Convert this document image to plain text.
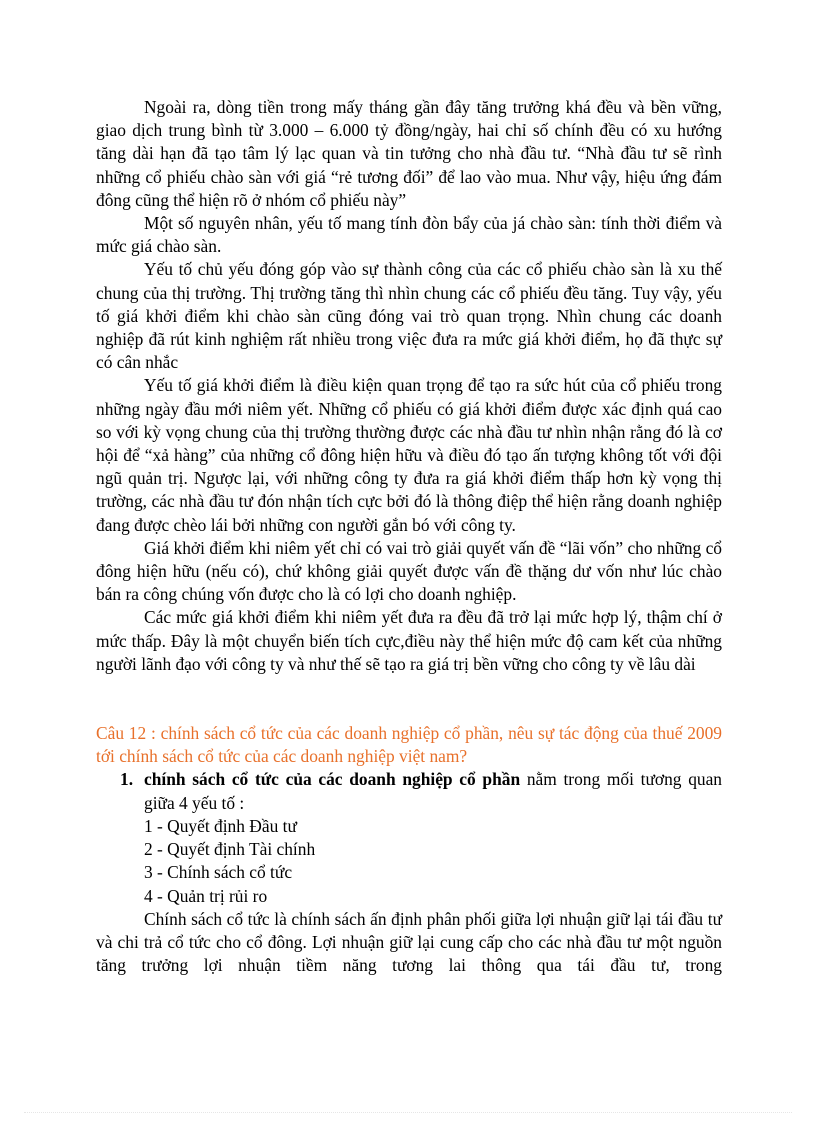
Ngoài ra, dòng tiền trong mấy tháng gần đây tăng trưởng khá đều và bền vững, giao dịch trung bình từ 3.000 – 6.000 tỷ đồng/ngày, hai chỉ số chính đều có xu hướng tăng dài hạn đã tạo tâm lý lạc quan và tin tưởng cho nhà đầu tư. “Nhà đầu tư sẽ rình những cổ phiếu chào sàn với giá “rẻ tương đối” để lao vào mua. Như vậy, hiệu ứng đám đông cũng thể hiện rõ ở nhóm cổ phiếu này”

Một số nguyên nhân, yếu tố mang tính đòn bẩy của já chào sàn: tính thời điểm và mức giá chào sàn.

Yếu tố chủ yếu đóng góp vào sự thành công của các cổ phiếu chào sàn là xu thế chung của thị trường. Thị trường tăng thì nhìn chung các cổ phiếu đều tăng. Tuy vậy, yếu tố giá khởi điểm khi chào sàn cũng đóng vai trò quan trọng. Nhìn chung các doanh nghiệp đã rút kinh nghiệm rất nhiều trong việc đưa ra mức giá khởi điểm, họ đã thực sự có cân nhắc

Yếu tố giá khởi điểm là điều kiện quan trọng để tạo ra sức hút của cổ phiếu trong những ngày đầu mới niêm yết. Những cổ phiếu có giá khởi điểm được xác định quá cao so với kỳ vọng chung của thị trường thường được các nhà đầu tư nhìn nhận rằng đó là cơ hội để “xả hàng” của những cổ đông hiện hữu và điều đó tạo ấn tượng không tốt với đội ngũ quản trị. Ngược lại, với những công ty đưa ra giá khởi điểm thấp hơn kỳ vọng thị trường, các nhà đầu tư đón nhận tích cực bởi đó là thông điệp thể hiện rằng doanh nghiệp đang được chèo lái bởi những con người gắn bó với công ty.

Giá khởi điểm khi niêm yết chỉ có vai trò giải quyết vấn đề “lãi vốn” cho những cổ đông hiện hữu (nếu có), chứ không giải quyết được vấn đề thặng dư vốn như lúc chào bán ra công chúng vốn được cho là có lợi cho doanh nghiệp.

Các mức giá khởi điểm khi niêm yết đưa ra đều đã trở lại mức hợp lý, thậm chí ở mức thấp. Đây là một chuyển biến tích cực,điều này thể hiện mức độ cam kết của những người lãnh đạo với công ty và như thế sẽ tạo ra giá trị bền vững cho công ty về lâu dài

Câu 12 : chính sách cổ tức của các doanh nghiệp cổ phần, nêu sự tác động của thuế 2009 tới chính sách cổ tức của các doanh nghiệp việt nam?

1. chính sách cổ tức của các doanh nghiệp cổ phần nằm trong mối tương quan giữa 4 yếu tố :
1 - Quyết định Đầu tư
2 - Quyết định Tài chính
3 - Chính sách cổ tức
4 - Quản trị rủi ro

Chính sách cổ tức là chính sách ấn định phân phối giữa lợi nhuận giữ lại tái đầu tư và chi trả cổ tức cho cổ đông. Lợi nhuận giữ lại cung cấp cho các nhà đầu tư một nguồn tăng trưởng lợi nhuận tiềm năng tương lai thông qua tái đầu tư, trong
